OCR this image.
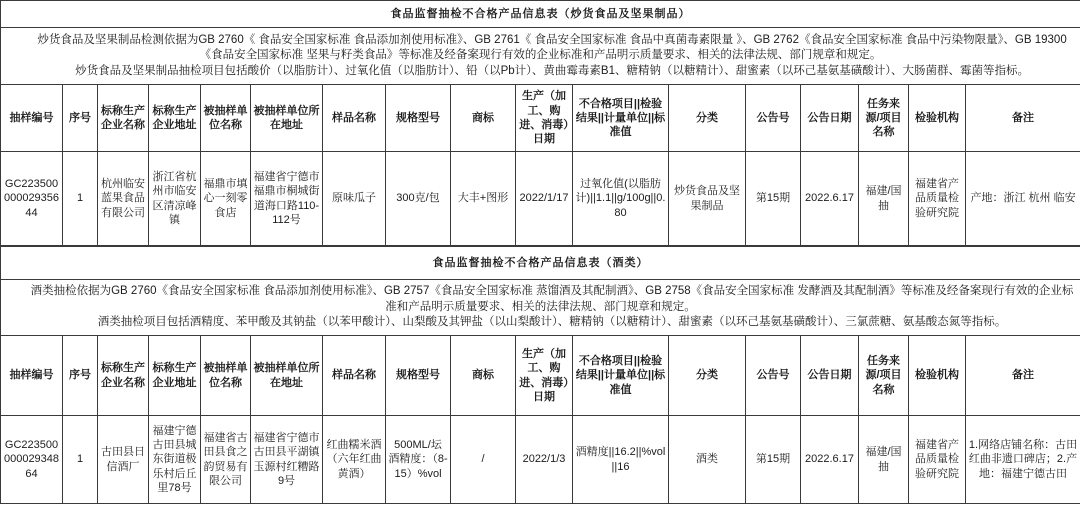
食品监督抽检不合格产品信息表（炒货食品及坚果制品）																

炒货食品及坚果制品检测依据为GB 2760《 食品安全国家标准 食品添加剂使用标准》、GB 2761《 食品安全国家标准 食品中真菌毒素限量 》、GB 2762《食品安全国家标准 食品中污染物限量》、GB 19300《食品安全国家标准 坚果与籽类食品》等标准及经备案现行有效的企业标准和产品明示质量要求、相关的法律法规、部门规章和规定。

炒货食品及坚果制品抽检项目包括酸价（以脂肪计）、过氧化值（以脂肪计）、铅（以Pb计）、黄曲霉毒素B1、糖精钠（以糖精计）、甜蜜素（以环己基氨基磺酸计）、大肠菌群、霉菌等指标。																

抽样编号	序号	标称生产企业名称	标称生产企业地址	被抽样单位名称	被抽样单位所在地址	样品名称	规格型号	商标	生产（加工、购进、消毒）日期	不合格项目||检验结果||计量单位||标准值	分类	公告号	公告日期	任务来源/项目名称	检验机构	备注
GC22350000002935644	1	杭州临安蓝果食品有限公司	浙江省杭州市临安区清凉峰镇	福鼎市填心一刻零食店	福建省宁德市福鼎市桐城街道海口路110-112号	原味瓜子	300克/包	大丰+图形	2022/1/17	过氧化值(以脂肪计)||1.1||g/100g||0.80	炒货食品及坚果制品	第15期	2022.6.17	福建/国抽	福建省产品质量检验研究院	产地：浙江 杭州 临安
食品监督抽检不合格产品信息表（酒类）																

酒类抽检依据为GB 2760《食品安全国家标准 食品添加剂使用标准》、GB 2757《食品安全国家标准 蒸馏酒及其配制酒》、GB 2758《食品安全国家标准 发酵酒及其配制酒》等标准及经备案现行有效的企业标准和产品明示质量要求、相关的法律法规、部门规章和规定。

酒类抽检项目包括酒精度、苯甲酸及其钠盐（以苯甲酸计）、山梨酸及其钾盐（以山梨酸计）、糖精钠（以糖精计）、甜蜜素（以环己基氨基磺酸计）、三氯蔗糖、氨基酸态氮等指标。																

抽样编号	序号	标称生产企业名称	标称生产企业地址	被抽样单位名称	被抽样单位所在地址	样品名称	规格型号	商标	生产（加工、购进、消毒）日期	不合格项目||检验结果||计量单位||标准值	分类	公告号	公告日期	任务来源/项目名称	检验机构	备注
GC22350000002934864	1	古田县日信酒厂	福建宁德古田县城东街道极乐村后丘里78号	福建省古田县食之韵贸易有限公司	福建省宁德市古田县平湖镇玉源村红糟路9号	红曲糯米酒（六年红曲黄酒）	500ML/坛 酒精度：（8-15）%vol	/	2022/1/3	酒精度||16.2||%vol||16	酒类	第15期	2022.6.17	福建/国抽	福建省产品质量检验研究院	1.网络店铺名称：古田红曲非遗口碑店；2.产地：福建宁德古田
